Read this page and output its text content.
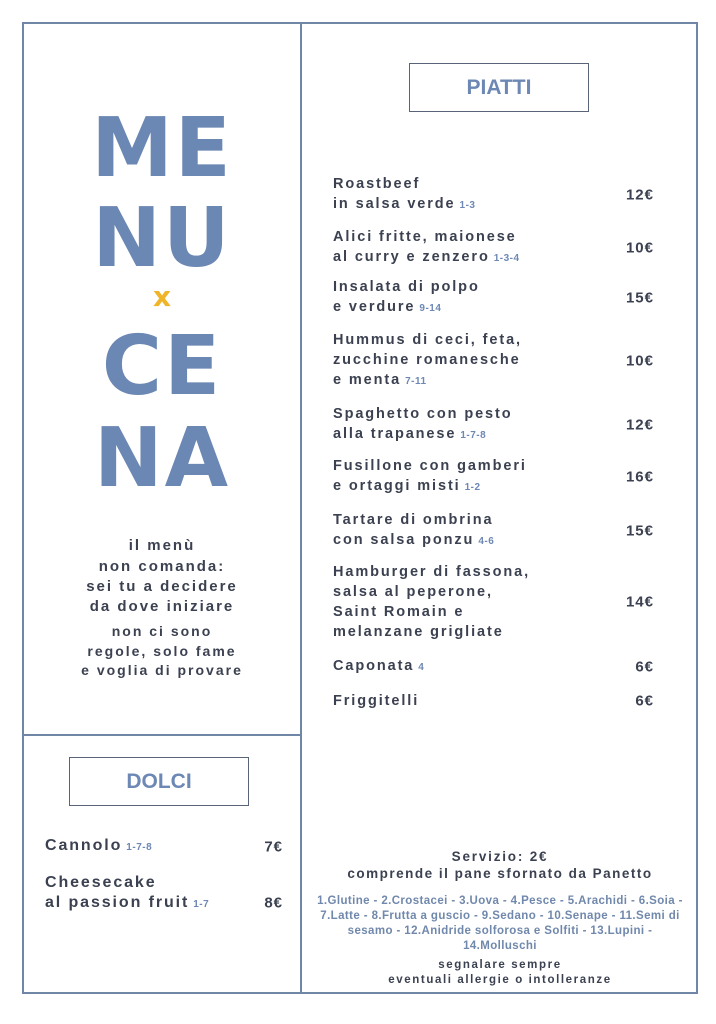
ME
NU
x
CE
NA
il menù
non comanda:
sei tu a decidere
da dove iniziare
non ci sono
regole, solo fame
e voglia di provare
PIATTI
Roastbeef
in salsa verde 1-3
12€
Alici fritte, maionese
al curry e zenzero 1-3-4
10€
Insalata di polpo
e verdure 9-14
15€
Hummus di ceci, feta,
zucchine romanesche
e menta 7-11
10€
Spaghetto con pesto
alla trapanese 1-7-8
12€
Fusillone con gamberi
e ortaggi misti 1-2
16€
Tartare di ombrina
con salsa ponzu 4-6
15€
Hamburger di fassona,
salsa al peperone,
Saint Romain e
melanzane grigliate
14€
Caponata 4	6€
Friggitelli	6€
DOLCI
Cannolo 1-7-8	7€
Cheesecake
al passion fruit 1-7	8€
Servizio: 2€
comprende il pane sfornato da Panetto
1.Glutine - 2.Crostacei - 3.Uova - 4.Pesce - 5.Arachidi - 6.Soia - 7.Latte - 8.Frutta a guscio - 9.Sedano - 10.Senape - 11.Semi di sesamo - 12.Anidride solforosa e Solfiti - 13.Lupini - 14.Molluschi
segnalare sempre
eventuali allergie o intolleranze
